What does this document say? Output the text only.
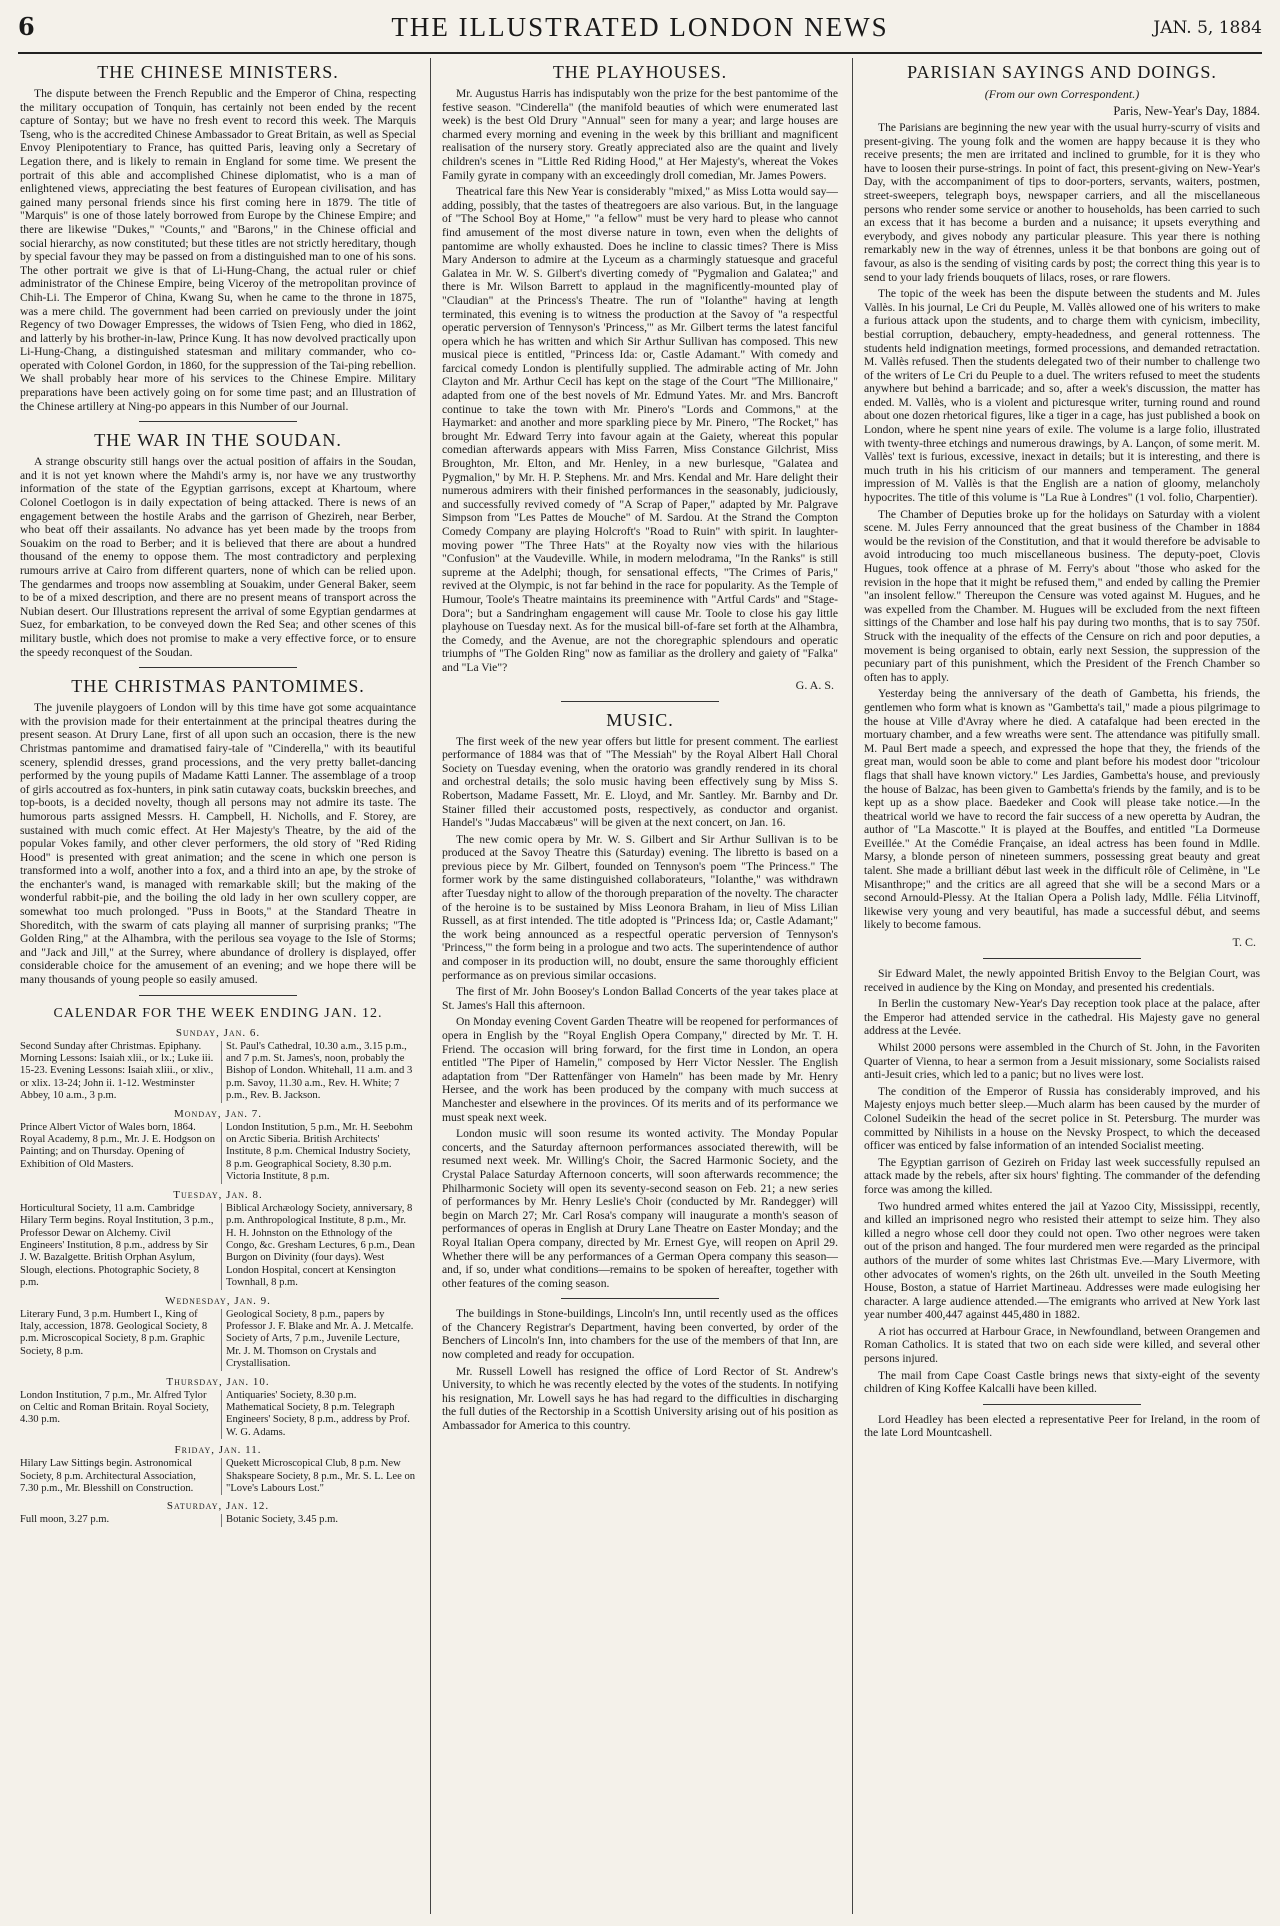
6	THE ILLUSTRATED LONDON NEWS	JAN. 5, 1884
THE CHINESE MINISTERS.

The dispute between the French Republic and the Emperor of China, respecting the military occupation of Tonquin, has certainly not been ended by the recent capture of Sontay; but we have no fresh event to record this week. The Marquis Tseng, who is the accredited Chinese Ambassador to Great Britain, as well as Special Envoy Plenipotentiary to France, has quitted Paris, leaving only a Secretary of Legation there, and is likely to remain in England for some time. We present the portrait of this able and accomplished Chinese diplomatist, who is a man of enlightened views, appreciating the best features of European civilisation, and has gained many personal friends since his first coming here in 1879. The title of "Marquis" is one of those lately borrowed from Europe by the Chinese Empire; and there are likewise "Dukes," "Counts," and "Barons," in the Chinese official and social hierarchy, as now constituted; but these titles are not strictly hereditary, though by special favour they may be passed on from a distinguished man to one of his sons. The other portrait we give is that of Li-Hung-Chang, the actual ruler or chief administrator of the Chinese Empire, being Viceroy of the metropolitan province of Chih-Li. The Emperor of China, Kwang Su, when he came to the throne in 1875, was a mere child. The government had been carried on previously under the joint Regency of two Dowager Empresses, the widows of Tsien Feng, who died in 1862, and latterly by his brother-in-law, Prince Kung. It has now devolved practically upon Li-Hung-Chang, a distinguished statesman and military commander, who co-operated with Colonel Gordon, in 1860, for the suppression of the Tai-ping rebellion. We shall probably hear more of his services to the Chinese Empire. Military preparations have been actively going on for some time past; and an Illustration of the Chinese artillery at Ning-po appears in this Number of our Journal.

THE WAR IN THE SOUDAN.

A strange obscurity still hangs over the actual position of affairs in the Soudan, and it is not yet known where the Mahdi's army is, nor have we any trustworthy information of the state of the Egyptian garrisons, except at Khartoum, where Colonel Coetlogon is in daily expectation of being attacked. There is news of an engagement between the hostile Arabs and the garrison of Ghezireh, near Berber, who beat off their assailants. No advance has yet been made by the troops from Souakim on the road to Berber; and it is believed that there are about a hundred thousand of the enemy to oppose them. The most contradictory and perplexing rumours arrive at Cairo from different quarters, none of which can be relied upon. The gendarmes and troops now assembling at Souakim, under General Baker, seem to be of a mixed description, and there are no present means of transport across the Nubian desert. Our Illustrations represent the arrival of some Egyptian gendarmes at Suez, for embarkation, to be conveyed down the Red Sea; and other scenes of this military bustle, which does not promise to make a very effective force, or to ensure the speedy reconquest of the Soudan.

THE CHRISTMAS PANTOMIMES.

The juvenile playgoers of London will by this time have got some acquaintance with the provision made for their entertainment at the principal theatres during the present season. At Drury Lane, first of all upon such an occasion, there is the new Christmas pantomime and dramatised fairy-tale of "Cinderella," with its beautiful scenery, splendid dresses, grand processions, and the very pretty ballet-dancing performed by the young pupils of Madame Katti Lanner. The assemblage of a troop of girls accoutred as fox-hunters, in pink satin cutaway coats, buckskin breeches, and top-boots, is a decided novelty, though all persons may not admire its taste. The humorous parts assigned Messrs. H. Campbell, H. Nicholls, and F. Storey, are sustained with much comic effect. At Her Majesty's Theatre, by the aid of the popular Vokes family, and other clever performers, the old story of "Red Riding Hood" is presented with great animation; and the scene in which one person is transformed into a wolf, another into a fox, and a third into an ape, by the stroke of the enchanter's wand, is managed with remarkable skill; but the making of the wonderful rabbit-pie, and the boiling the old lady in her own scullery copper, are somewhat too much prolonged. "Puss in Boots," at the Standard Theatre in Shoreditch, with the swarm of cats playing all manner of surprising pranks; "The Golden Ring," at the Alhambra, with the perilous sea voyage to the Isle of Storms; and "Jack and Jill," at the Surrey, where abundance of drollery is displayed, offer considerable choice for the amusement of an evening; and we hope there will be many thousands of young people so easily amused.

CALENDAR FOR THE WEEK ENDING JAN. 12.
Sunday, Jan. 6.
Second Sunday after Christmas. Epiphany. Morning Lessons: Isaiah xlii., or lx.; Luke iii. 15-23. Evening Lessons: Isaiah xliii., or xliv., or xlix. 13-24; John ii. 1-12. Westminster Abbey, 10 a.m., 3 p.m.
St. Paul's Cathedral, 10.30 a.m., 3.15 p.m., and 7 p.m. St. James's, noon, probably the Bishop of London. Whitehall, 11 a.m. and 3 p.m. Savoy, 11.30 a.m., Rev. H. White; 7 p.m., Rev. B. Jackson.
Monday, Jan. 7.
Prince Albert Victor of Wales born, 1864. Royal Academy, 8 p.m., Mr. J. E. Hodgson on Painting; and on Thursday. Opening of Exhibition of Old Masters.
London Institution, 5 p.m., Mr. H. Seebohm on Arctic Siberia. British Architects' Institute, 8 p.m. Chemical Industry Society, 8 p.m. Geographical Society, 8.30 p.m. Victoria Institute, 8 p.m.
Tuesday, Jan. 8.
Horticultural Society, 11 a.m. Cambridge Hilary Term begins. Royal Institution, 3 p.m., Professor Dewar on Alchemy. Civil Engineers' Institution, 8 p.m., address by Sir J. W. Bazalgette. British Orphan Asylum, Slough, elections. Photographic Society, 8 p.m.
Biblical Archæology Society, anniversary, 8 p.m. Anthropological Institute, 8 p.m., Mr. H. H. Johnston on the Ethnology of the Congo, &c. Gresham Lectures, 6 p.m., Dean Burgon on Divinity (four days). West London Hospital, concert at Kensington Townhall, 8 p.m.
Wednesday, Jan. 9.
Literary Fund, 3 p.m. Humbert I., King of Italy, accession, 1878. Geological Society, 8 p.m. Microscopical Society, 8 p.m. Graphic Society, 8 p.m.
Geological Society, 8 p.m., papers by Professor J. F. Blake and Mr. A. J. Metcalfe. Society of Arts, 7 p.m., Juvenile Lecture, Mr. J. M. Thomson on Crystals and Crystallisation.
Thursday, Jan. 10.
London Institution, 7 p.m., Mr. Alfred Tylor on Celtic and Roman Britain. Royal Society, 4.30 p.m.
Antiquaries' Society, 8.30 p.m. Mathematical Society, 8 p.m. Telegraph Engineers' Society, 8 p.m., address by Prof. W. G. Adams.
Friday, Jan. 11.
Hilary Law Sittings begin. Astronomical Society, 8 p.m. Architectural Association, 7.30 p.m., Mr. Blesshill on Construction.
Quekett Microscopical Club, 8 p.m. New Shakspeare Society, 8 p.m., Mr. S. L. Lee on "Love's Labours Lost."
Saturday, Jan. 12.
Full moon, 3.27 p.m.	Botanic Society, 3.45 p.m.
THE PLAYHOUSES.

Mr. Augustus Harris has indisputably won the prize for the best pantomime of the festive season. "Cinderella" (the manifold beauties of which were enumerated last week) is the best Old Drury "Annual" seen for many a year; and large houses are charmed every morning and evening in the week by this brilliant and magnificent realisation of the nursery story. Greatly appreciated also are the quaint and lively children's scenes in "Little Red Riding Hood," at Her Majesty's, whereat the Vokes Family gyrate in company with an exceedingly droll comedian, Mr. James Powers.

Theatrical fare this New Year is considerably "mixed," as Miss Lotta would say—adding, possibly, that the tastes of theatregoers are also various. But, in the language of "The School Boy at Home," "a fellow" must be very hard to please who cannot find amusement of the most diverse nature in town, even when the delights of pantomime are wholly exhausted. Does he incline to classic times? There is Miss Mary Anderson to admire at the Lyceum as a charmingly statuesque and graceful Galatea in Mr. W. S. Gilbert's diverting comedy of "Pygmalion and Galatea;" and there is Mr. Wilson Barrett to applaud in the magnificently-mounted play of "Claudian" at the Princess's Theatre. The run of "Iolanthe" having at length terminated, this evening is to witness the production at the Savoy of "a respectful operatic perversion of Tennyson's 'Princess,'" as Mr. Gilbert terms the latest fanciful opera which he has written and which Sir Arthur Sullivan has composed. This new musical piece is entitled, "Princess Ida: or, Castle Adamant." With comedy and farcical comedy London is plentifully supplied. The admirable acting of Mr. John Clayton and Mr. Arthur Cecil has kept on the stage of the Court "The Millionaire," adapted from one of the best novels of Mr. Edmund Yates. Mr. and Mrs. Bancroft continue to take the town with Mr. Pinero's "Lords and Commons," at the Haymarket: and another and more sparkling piece by Mr. Pinero, "The Rocket," has brought Mr. Edward Terry into favour again at the Gaiety, whereat this popular comedian afterwards appears with Miss Farren, Miss Constance Gilchrist, Miss Broughton, Mr. Elton, and Mr. Henley, in a new burlesque, "Galatea and Pygmalion," by Mr. H. P. Stephens. Mr. and Mrs. Kendal and Mr. Hare delight their numerous admirers with their finished performances in the seasonably, judiciously, and successfully revived comedy of "A Scrap of Paper," adapted by Mr. Palgrave Simpson from "Les Pattes de Mouche" of M. Sardou. At the Strand the Compton Comedy Company are playing Holcroft's "Road to Ruin" with spirit. In laughter-moving power "The Three Hats" at the Royalty now vies with the hilarious "Confusion" at the Vaudeville. While, in modern melodrama, "In the Ranks" is still supreme at the Adelphi; though, for sensational effects, "The Crimes of Paris," revived at the Olympic, is not far behind in the race for popularity. As the Temple of Humour, Toole's Theatre maintains its preeminence with "Artful Cards" and "Stage-Dora"; but a Sandringham engagement will cause Mr. Toole to close his gay little playhouse on Tuesday next. As for the musical bill-of-fare set forth at the Alhambra, the Comedy, and the Avenue, are not the choregraphic splendours and operatic triumphs of "The Golden Ring" now as familiar as the drollery and gaiety of "Falka" and "La Vie"?

G. A. S.
MUSIC.

The first week of the new year offers but little for present comment. The earliest performance of 1884 was that of "The Messiah" by the Royal Albert Hall Choral Society on Tuesday evening, when the oratorio was grandly rendered in its choral and orchestral details; the solo music having been effectively sung by Miss S. Robertson, Madame Fassett, Mr. E. Lloyd, and Mr. Santley. Mr. Barnby and Dr. Stainer filled their accustomed posts, respectively, as conductor and organist. Handel's "Judas Maccabæus" will be given at the next concert, on Jan. 16.

The new comic opera by Mr. W. S. Gilbert and Sir Arthur Sullivan is to be produced at the Savoy Theatre this (Saturday) evening. The libretto is based on a previous piece by Mr. Gilbert, founded on Tennyson's poem "The Princess." The former work by the same distinguished collaborateurs, "Iolanthe," was withdrawn after Tuesday night to allow of the thorough preparation of the novelty. The character of the heroine is to be sustained by Miss Leonora Braham, in lieu of Miss Lilian Russell, as at first intended. The title adopted is "Princess Ida; or, Castle Adamant;" the work being announced as a respectful operatic perversion of Tennyson's 'Princess,'" the form being in a prologue and two acts. The superintendence of author and composer in its production will, no doubt, ensure the same thoroughly efficient performance as on previous similar occasions.

The first of Mr. John Boosey's London Ballad Concerts of the year takes place at St. James's Hall this afternoon.

On Monday evening Covent Garden Theatre will be reopened for performances of opera in English by the "Royal English Opera Company," directed by Mr. T. H. Friend. The occasion will bring forward, for the first time in London, an opera entitled "The Piper of Hamelin," composed by Herr Victor Nessler. The English adaptation from "Der Rattenfänger von Hameln" has been made by Mr. Henry Hersee, and the work has been produced by the company with much success at Manchester and elsewhere in the provinces. Of its merits and of its performance we must speak next week.

London music will soon resume its wonted activity. The Monday Popular concerts, and the Saturday afternoon performances associated therewith, will be resumed next week. Mr. Willing's Choir, the Sacred Harmonic Society, and the Crystal Palace Saturday Afternoon concerts, will soon afterwards recommence; the Philharmonic Society will open its seventy-second season on Feb. 21; a new series of performances by Mr. Henry Leslie's Choir (conducted by Mr. Randegger) will begin on March 27; Mr. Carl Rosa's company will inaugurate a month's season of performances of operas in English at Drury Lane Theatre on Easter Monday; and the Royal Italian Opera company, directed by Mr. Ernest Gye, will reopen on April 29. Whether there will be any performances of a German Opera company this season—and, if so, under what conditions—remains to be spoken of hereafter, together with other features of the coming season.

The buildings in Stone-buildings, Lincoln's Inn, until recently used as the offices of the Chancery Registrar's Department, having been converted, by order of the Benchers of Lincoln's Inn, into chambers for the use of the members of that Inn, are now completed and ready for occupation.

Mr. Russell Lowell has resigned the office of Lord Rector of St. Andrew's University, to which he was recently elected by the votes of the students. In notifying his resignation, Mr. Lowell says he has had regard to the difficulties in discharging the full duties of the Rectorship in a Scottish University arising out of his position as Ambassador for America to this country.

PARISIAN SAYINGS AND DOINGS.
(From our own Correspondent.)
Paris, New-Year's Day, 1884.

The Parisians are beginning the new year with the usual hurry-scurry of visits and present-giving. The young folk and the women are happy because it is they who receive presents; the men are irritated and inclined to grumble, for it is they who have to loosen their purse-strings. In point of fact, this present-giving on New-Year's Day, with the accompaniment of tips to door-porters, servants, waiters, postmen, street-sweepers, telegraph boys, newspaper carriers, and all the miscellaneous persons who render some service or another to households, has been carried to such an excess that it has become a burden and a nuisance; it upsets everything and everybody, and gives nobody any particular pleasure. This year there is nothing remarkably new in the way of étrennes, unless it be that bonbons are going out of favour, as also is the sending of visiting cards by post; the correct thing this year is to send to your lady friends bouquets of lilacs, roses, or rare flowers.

The topic of the week has been the dispute between the students and M. Jules Vallès. In his journal, Le Cri du Peuple, M. Vallès allowed one of his writers to make a furious attack upon the students, and to charge them with cynicism, imbecility, bestial corruption, debauchery, empty-headedness, and general rottenness. The students held indignation meetings, formed processions, and demanded retractation. M. Vallès refused. Then the students delegated two of their number to challenge two of the writers of Le Cri du Peuple to a duel. The writers refused to meet the students anywhere but behind a barricade; and so, after a week's discussion, the matter has ended. M. Vallès, who is a violent and picturesque writer, turning round and round about one dozen rhetorical figures, like a tiger in a cage, has just published a book on London, where he spent nine years of exile. The volume is a large folio, illustrated with twenty-three etchings and numerous drawings, by A. Lançon, of some merit. M. Vallès' text is furious, excessive, inexact in details; but it is interesting, and there is much truth in his his criticism of our manners and temperament. The general impression of M. Vallès is that the English are a nation of gloomy, melancholy hypocrites. The title of this volume is "La Rue à Londres" (1 vol. folio, Charpentier).

The Chamber of Deputies broke up for the holidays on Saturday with a violent scene. M. Jules Ferry announced that the great business of the Chamber in 1884 would be the revision of the Constitution, and that it would therefore be advisable to avoid introducing too much miscellaneous business. The deputy-poet, Clovis Hugues, took offence at a phrase of M. Ferry's about "those who asked for the revision in the hope that it might be refused them," and ended by calling the Premier "an insolent fellow." Thereupon the Censure was voted against M. Hugues, and he was expelled from the Chamber. M. Hugues will be excluded from the next fifteen sittings of the Chamber and lose half his pay during two months, that is to say 750f. Struck with the inequality of the effects of the Censure on rich and poor deputies, a movement is being organised to obtain, early next Session, the suppression of the pecuniary part of this punishment, which the President of the French Chamber so often has to apply.

Yesterday being the anniversary of the death of Gambetta, his friends, the gentlemen who form what is known as "Gambetta's tail," made a pious pilgrimage to the house at Ville d'Avray where he died. A catafalque had been erected in the mortuary chamber, and a few wreaths were sent. The attendance was pitifully small. M. Paul Bert made a speech, and expressed the hope that they, the friends of the great man, would soon be able to come and plant before his modest door "tricolour flags that shall have known victory." Les Jardies, Gambetta's house, and previously the house of Balzac, has been given to Gambetta's friends by the family, and is to be kept up as a show place. Baedeker and Cook will please take notice.—In the theatrical world we have to record the fair success of a new operetta by Audran, the author of "La Mascotte." It is played at the Bouffes, and entitled "La Dormeuse Eveillée." At the Comédie Française, an ideal actress has been found in Mdlle. Marsy, a blonde person of nineteen summers, possessing great beauty and great talent. She made a brilliant début last week in the difficult rôle of Celimène, in "Le Misanthrope;" and the critics are all agreed that she will be a second Mars or a second Arnould-Plessy. At the Italian Opera a Polish lady, Mdlle. Félia Litvinoff, likewise very young and very beautiful, has made a successful début, and seems likely to become famous.

T. C.

Sir Edward Malet, the newly appointed British Envoy to the Belgian Court, was received in audience by the King on Monday, and presented his credentials.

In Berlin the customary New-Year's Day reception took place at the palace, after the Emperor had attended service in the cathedral. His Majesty gave no general address at the Levée.

Whilst 2000 persons were assembled in the Church of St. John, in the Favoriten Quarter of Vienna, to hear a sermon from a Jesuit missionary, some Socialists raised anti-Jesuit cries, which led to a panic; but no lives were lost.

The condition of the Emperor of Russia has considerably improved, and his Majesty enjoys much better sleep.—Much alarm has been caused by the murder of Colonel Sudeikin the head of the secret police in St. Petersburg. The murder was committed by Nihilists in a house on the Nevsky Prospect, to which the deceased officer was enticed by false information of an intended Socialist meeting.

The Egyptian garrison of Gezireh on Friday last week successfully repulsed an attack made by the rebels, after six hours' fighting. The commander of the defending force was among the killed.

Two hundred armed whites entered the jail at Yazoo City, Mississippi, recently, and killed an imprisoned negro who resisted their attempt to seize him. They also killed a negro whose cell door they could not open. Two other negroes were taken out of the prison and hanged. The four murdered men were regarded as the principal authors of the murder of some whites last Christmas Eve.—Mary Livermore, with other advocates of women's rights, on the 26th ult. unveiled in the South Meeting House, Boston, a statue of Harriet Martineau. Addresses were made eulogising her character. A large audience attended.—The emigrants who arrived at New York last year number 400,447 against 445,480 in 1882.

A riot has occurred at Harbour Grace, in Newfoundland, between Orangemen and Roman Catholics. It is stated that two on each side were killed, and several other persons injured.

The mail from Cape Coast Castle brings news that sixty-eight of the seventy children of King Koffee Kalcalli have been killed.

Lord Headley has been elected a representative Peer for Ireland, in the room of the late Lord Mountcashell.
